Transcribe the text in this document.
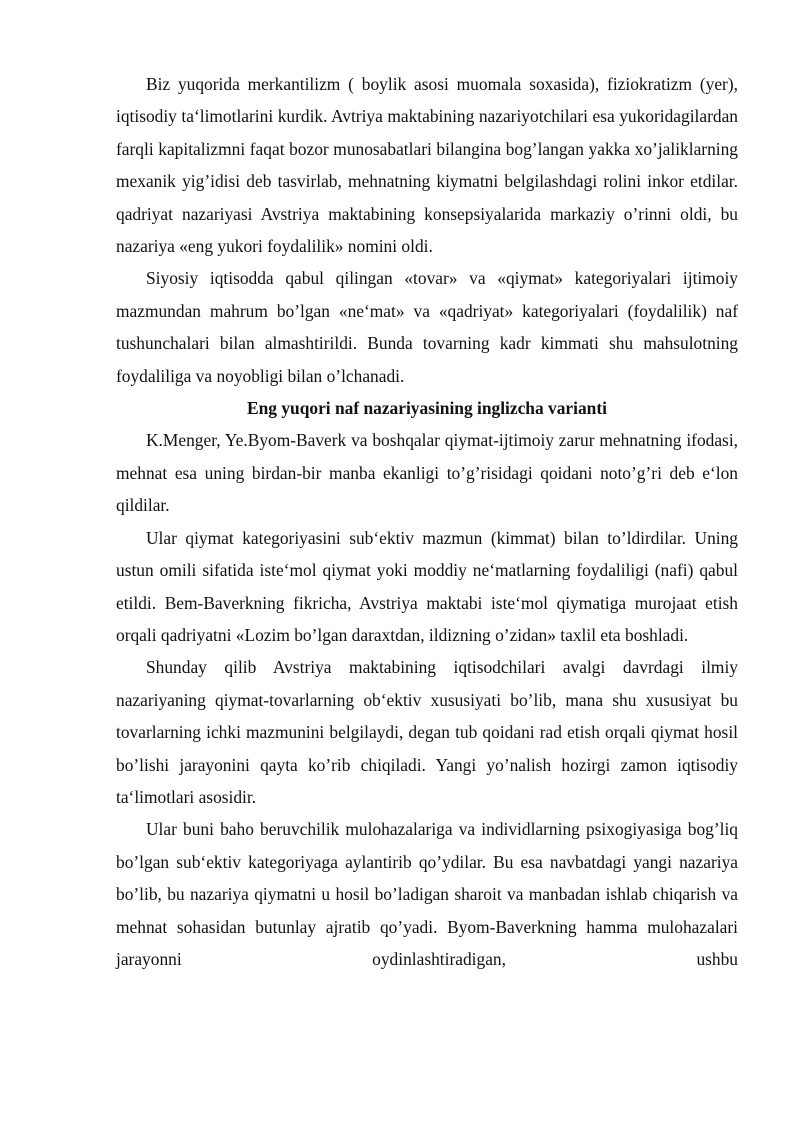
Biz yuqorida merkantilizm ( boylik asosi muomala soxasida), fiziokratizm (yer), iqtisodiy ta‘limotlarini kurdik. Avtriya maktabining nazariyotchilari esa yukoridagilardan farqli kapitalizmni faqat bozor munosabatlari bilangina bog’langan yakka xo’jaliklarning mexanik yig’idisi deb tasvirlab, mehnatning kiymatni belgilashdagi rolini inkor etdilar. qadriyat nazariyasi Avstriya maktabining konsepsiyalarida markaziy o’rinni oldi, bu nazariya «eng yukori foydalilik» nomini oldi.

Siyosiy iqtisodda qabul qilingan «tovar» va «qiymat» kategoriyalari ijtimoiy mazmundan mahrum bo’lgan «ne‘mat» va «qadriyat» kategoriyalari (foydalilik) naf tushunchalari bilan almashtirildi. Bunda tovarning kadr kimmati shu mahsulotning foydaliliga va noyobligi bilan o’lchanadi.

Eng yuqori naf nazariyasining inglizcha varianti

K.Menger, Ye.Byom-Baverk va boshqalar qiymat-ijtimoiy zarur mehnatning ifodasi, mehnat esa uning birdan-bir manba ekanligi to’g’risidagi qoidani noto’g’ri deb e‘lon qildilar.

Ular qiymat kategoriyasini sub‘ektiv mazmun (kimmat) bilan to’ldirdilar. Uning ustun omili sifatida iste‘mol qiymat yoki moddiy ne‘matlarning foydaliligi (nafi) qabul etildi. Bem-Baverkning fikricha, Avstriya maktabi iste‘mol qiymatiga murojaat etish orqali qadriyatni «Lozim bo’lgan daraxtdan, ildizning o’zidan» taxlil eta boshladi.

Shunday qilib Avstriya maktabining iqtisodchilari avalgi davrdagi ilmiy nazariyaning qiymat-tovarlarning ob‘ektiv xususiyati bo’lib, mana shu xususiyat bu tovarlarning ichki mazmunini belgilaydi, degan tub qoidani rad etish orqali qiymat hosil bo’lishi jarayonini qayta ko’rib chiqiladi. Yangi yo’nalish hozirgi zamon iqtisodiy ta‘limotlari asosidir.

Ular buni baho beruvchilik mulohazalariga va individlarning psixogiyasiga bog’liq bo’lgan sub‘ektiv kategoriyaga aylantirib qo’ydilar. Bu esa navbatdagi yangi nazariya bo’lib, bu nazariya qiymatni u hosil bo’ladigan sharoit va manbadan ishlab chiqarish va mehnat sohasidan butunlay ajratib qo’yadi. Byom-Baverkning hamma mulohazalari jarayonni oydinlashtiradigan, ushbu
